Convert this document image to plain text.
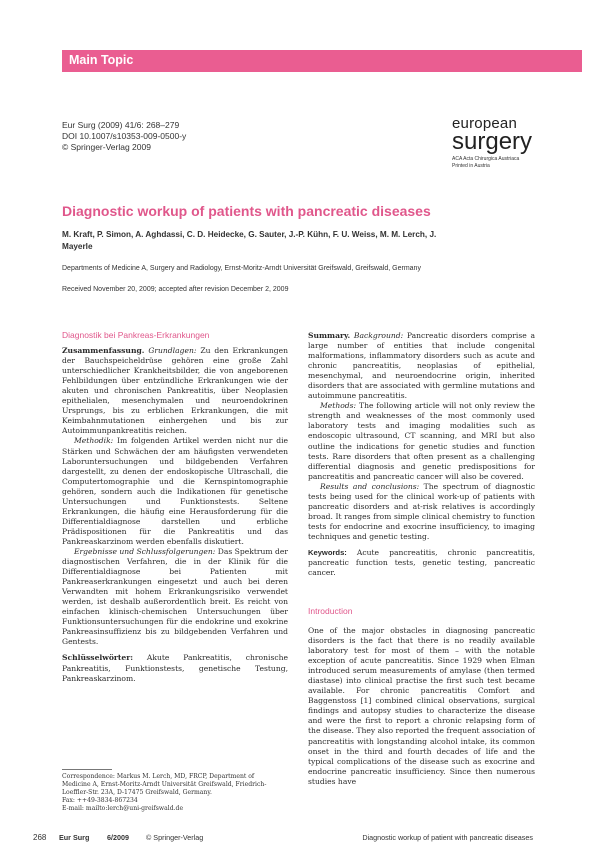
Main Topic
Eur Surg (2009) 41/6: 268–279
DOI 10.1007/s10353-009-0500-y
© Springer-Verlag 2009
european
surgery
ACA Acta Chirurgica Austriaca
Printed in Austria
Diagnostic workup of patients with pancreatic diseases
M. Kraft, P. Simon, A. Aghdassi, C. D. Heidecke, G. Sauter, J.-P. Kühn, F. U. Weiss, M. M. Lerch, J. Mayerle
Departments of Medicine A, Surgery and Radiology, Ernst-Moritz-Arndt Universität Greifswald, Greifswald, Germany
Received November 20, 2009; accepted after revision December 2, 2009
Diagnostik bei Pankreas-Erkrankungen

Zusammenfassung. Grundlagen: Zu den Erkrankungen der Bauchspeicheldrüse gehören eine große Zahl unterschiedlicher Krankheitsbilder, die von angeborenen Fehlbildungen über entzündliche Erkrankungen wie der akuten und chronischen Pankreatitis, über Neoplasien epithelialen, mesenchymalen und neuroendokrinen Ursprungs, bis zu erblichen Erkrankungen, die mit Keimbahnmutationen einhergehen und bis zur Autoimmunpankreatitis reichen.

Methodik: Im folgenden Artikel werden nicht nur die Stärken und Schwächen der am häufigsten verwendeten Laboruntersuchungen und bildgebenden Verfahren dargestellt, zu denen der endoskopische Ultraschall, die Computertomographie und die Kernspintomographie gehören, sondern auch die Indikationen für genetische Untersuchungen und Funktionstests. Seltene Erkrankungen, die häufig eine Herausforderung für die Differentialdiagnose darstellen und erbliche Prädispositionen für die Pankreatitis und das Pankreaskarzinom werden ebenfalls diskutiert.

Ergebnisse und Schlussfolgerungen: Das Spektrum der diagnostischen Verfahren, die in der Klinik für die Differentialdiagnose bei Patienten mit Pankreaserkrankungen eingesetzt und auch bei deren Verwandten mit hohem Erkrankungsrisiko verwendet werden, ist deshalb außerordentlich breit. Es reicht von einfachen klinisch-chemischen Untersuchungen über Funktionsuntersuchungen für die endokrine und exokrine Pankreasinsuffizienz bis zu bildgebenden Verfahren und Gentests.

Schlüsselwörter: Akute Pankreatitis, chronische Pankreatitis, Funktionstests, genetische Testung, Pankreaskarzinom.

Summary. Background: Pancreatic disorders comprise a large number of entities that include congenital malformations, inflammatory disorders such as acute and chronic pancreatitis, neoplasias of epithelial, mesenchymal, and neuroendocrine origin, inherited disorders that are associated with germline mutations and autoimmune pancreatitis.

Methods: The following article will not only review the strength and weaknesses of the most commonly used laboratory tests and imaging modalities such as endoscopic ultrasound, CT scanning, and MRI but also outline the indications for genetic studies and function tests. Rare disorders that often present as a challenging differential diagnosis and genetic predispositions for pancreatitis and pancreatic cancer will also be covered.

Results and conclusions: The spectrum of diagnostic tests being used for the clinical work-up of patients with pancreatic disorders and at-risk relatives is accordingly broad. It ranges from simple clinical chemistry to function tests for endocrine and exocrine insufficiency, to imaging techniques and genetic testing.

Keywords: Acute pancreatitis, chronic pancreatitis, pancreatic function tests, genetic testing, pancreatic cancer.

Introduction

One of the major obstacles in diagnosing pancreatic disorders is the fact that there is no readily available laboratory test for most of them – with the notable exception of acute pancreatitis. Since 1929 when Elman introduced serum measurements of amylase (then termed diastase) into clinical practise the first such test became available. For chronic pancreatitis Comfort and Baggenstoss [1] combined clinical observations, surgical findings and autopsy studies to characterize the disease and were the first to report a chronic relapsing form of the disease. They also reported the frequent association of pancreatitis with longstanding alcohol intake, its common onset in the third and fourth decades of life and the typical complications of the disease such as exocrine and endocrine pancreatic insufficiency. Since then numerous studies have

Correspondence: Markus M. Lerch, MD, FRCP, Department of Medicine A, Ernst-Moritz-Arndt Universität Greifswald, Friedrich-Loeffler-Str. 23A, D-17475 Greifswald, Germany.
Fax: ++49-3834-867234
E-mail: mailto:lerch@uni-greifswald.de
268 Eur Surg 6/2009 © Springer-Verlag	Diagnostic workup of patient with pancreatic diseases
